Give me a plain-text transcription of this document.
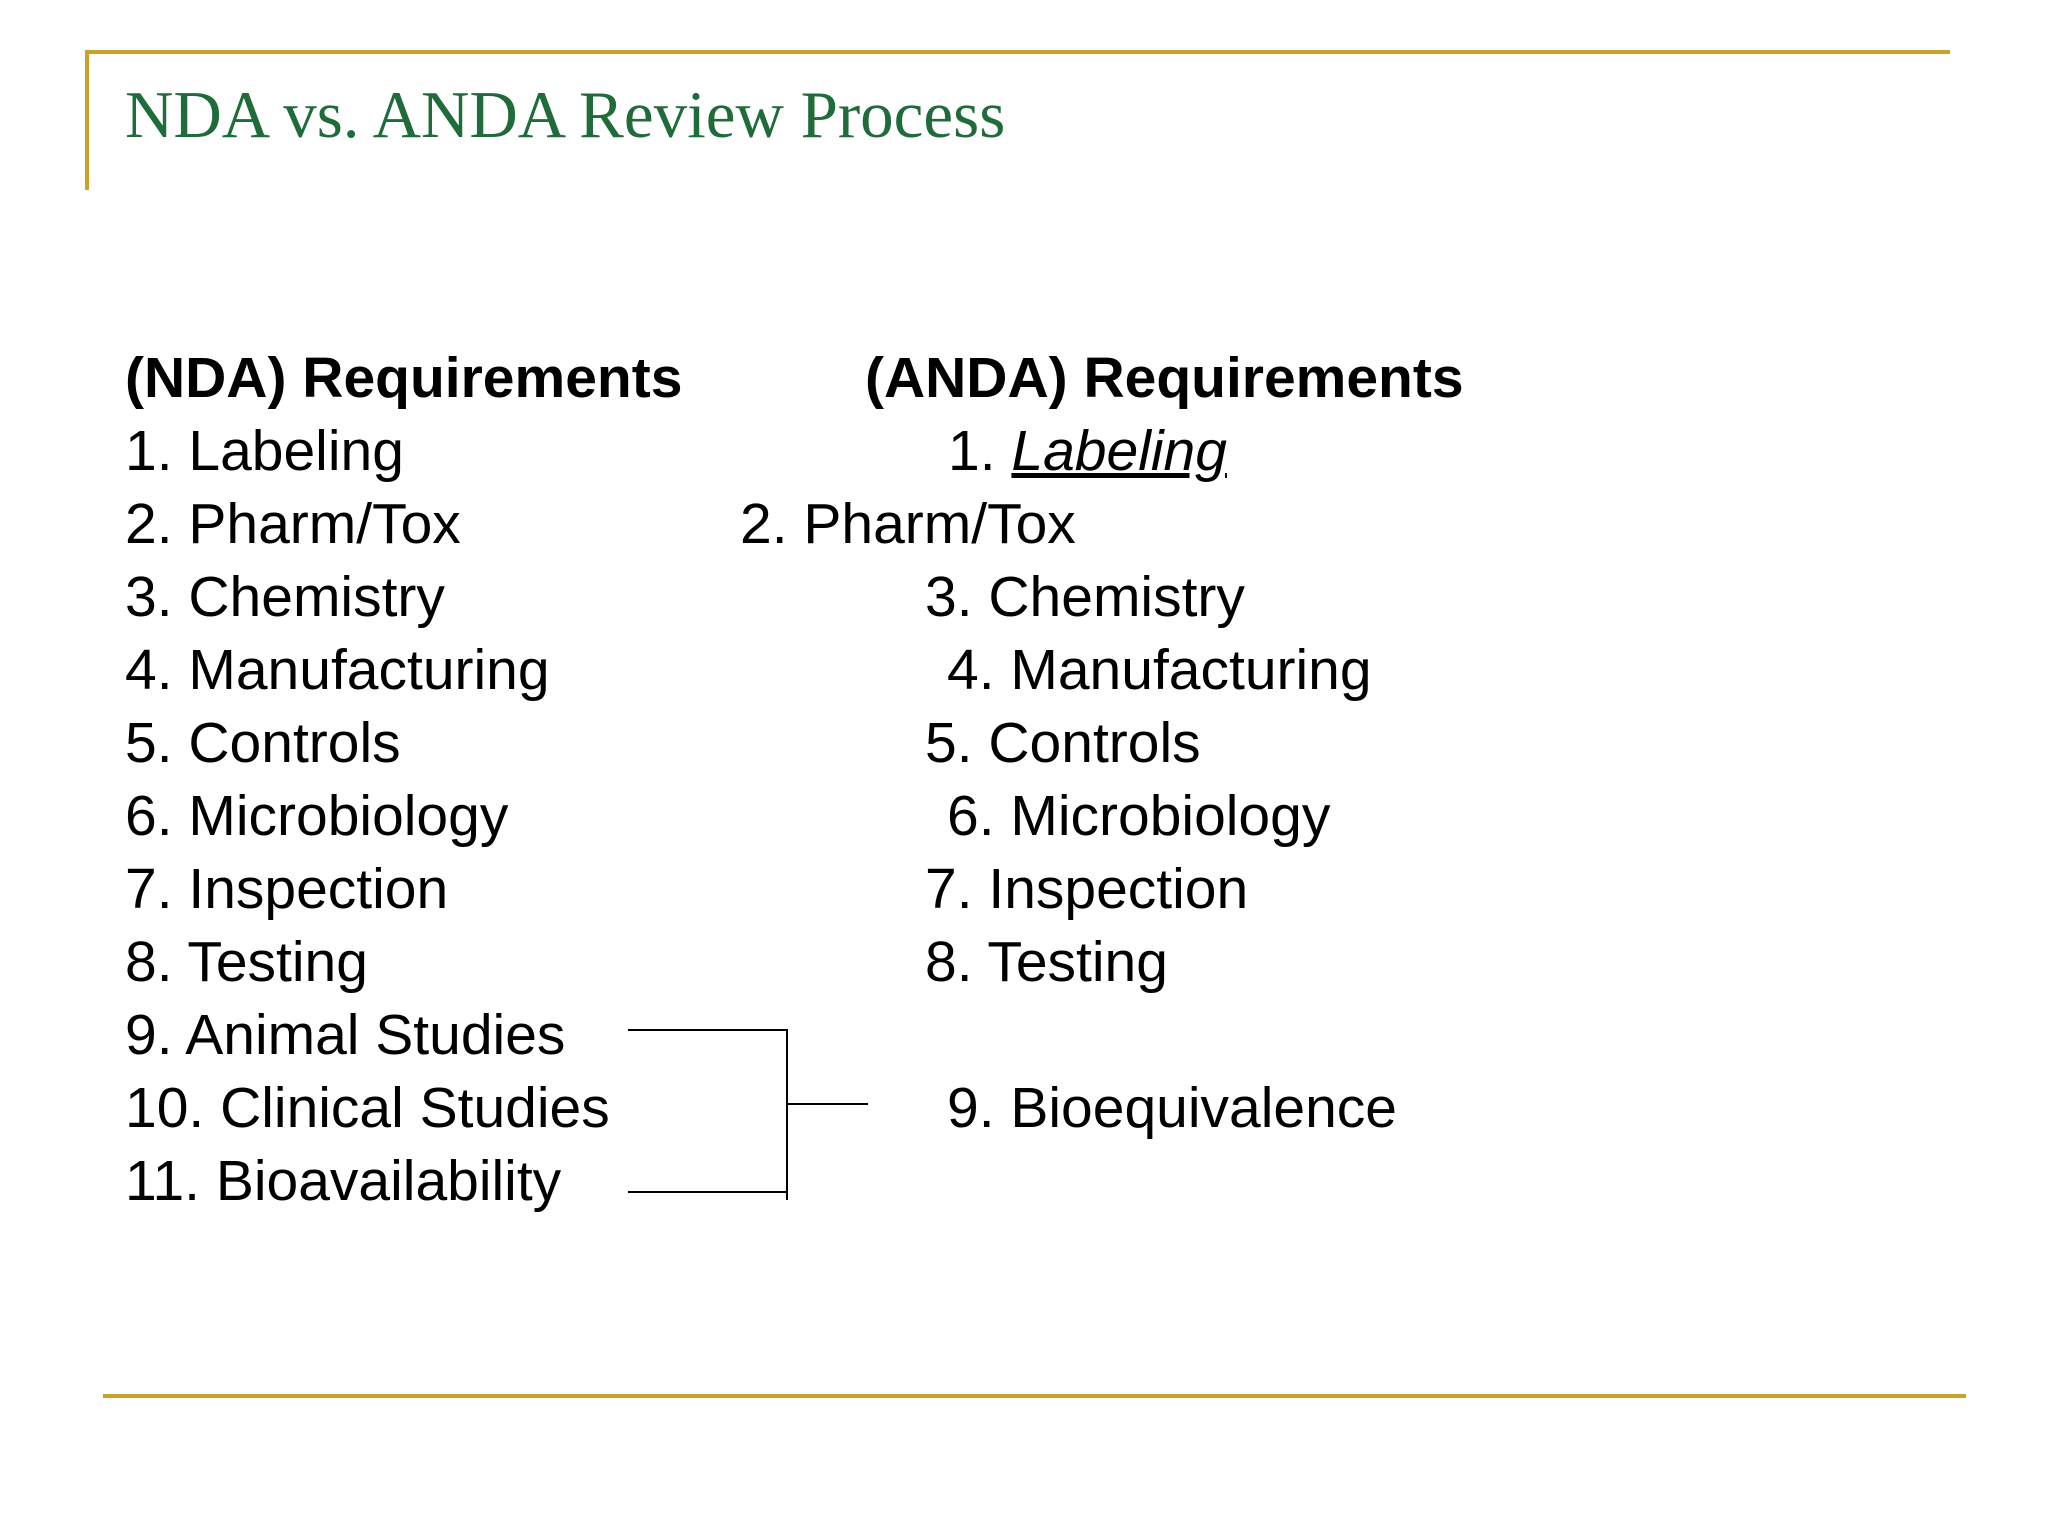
NDA vs. ANDA Review Process
(NDA) Requirements
1. Labeling
2. Pharm/Tox
3. Chemistry
4. Manufacturing
5. Controls
6. Microbiology
7. Inspection
8. Testing
9. Animal Studies
10. Clinical Studies
11. Bioavailability
(ANDA) Requirements
1. Labeling
2. Pharm/Tox
3. Chemistry
4. Manufacturing
5. Controls
6. Microbiology
7. Inspection
8. Testing
9. Bioequivalence
